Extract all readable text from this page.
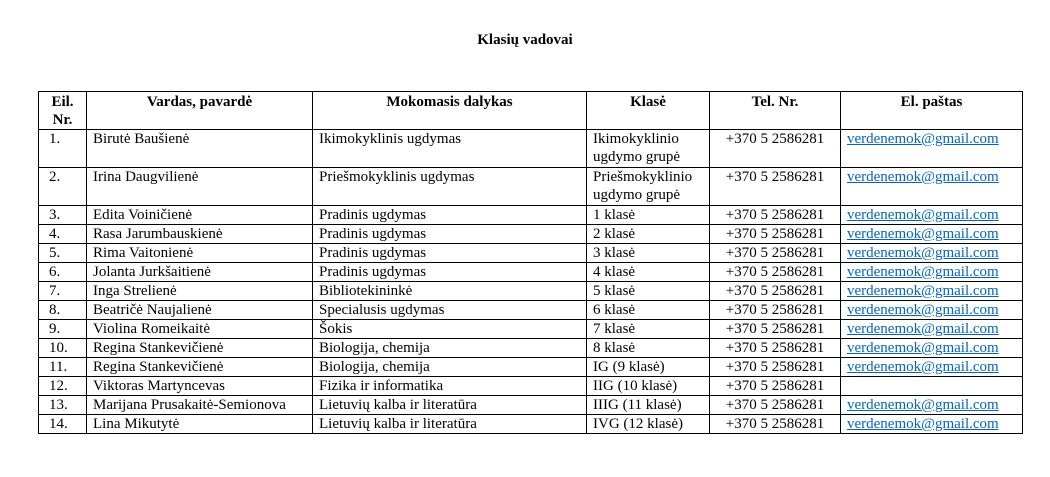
Klasių vadovai
Eil. Nr.	Vardas, pavardė	Mokomasis dalykas	Klasė	Tel. Nr.	El. paštas
1.	Birutė Baušienė	Ikimokyklinis ugdymas	Ikimokyklinio ugdymo grupė	+370 5 2586281	verdenemok@gmail.com
2.	Irina Daugvilienė	Priešmokyklinis ugdymas	Priešmokyklinio ugdymo grupė	+370 5 2586281	verdenemok@gmail.com
3.	Edita Voiničienė	Pradinis ugdymas	1 klasė	+370 5 2586281	verdenemok@gmail.com
4.	Rasa Jarumbauskienė	Pradinis ugdymas	2 klasė	+370 5 2586281	verdenemok@gmail.com
5.	Rima Vaitonienė	Pradinis ugdymas	3 klasė	+370 5 2586281	verdenemok@gmail.com
6.	Jolanta Jurkšaitienė	Pradinis ugdymas	4 klasė	+370 5 2586281	verdenemok@gmail.com
7.	Inga Strelienė	Bibliotekininkė	5 klasė	+370 5 2586281	verdenemok@gmail.com
8.	Beatričė Naujalienė	Specialusis ugdymas	6 klasė	+370 5 2586281	verdenemok@gmail.com
9.	Violina Romeikaitė	Šokis	7 klasė	+370 5 2586281	verdenemok@gmail.com
10.	Regina Stankevičienė	Biologija, chemija	8 klasė	+370 5 2586281	verdenemok@gmail.com
11.	Regina Stankevičienė	Biologija, chemija	IG (9 klasė)	+370 5 2586281	verdenemok@gmail.com
12.	Viktoras Martyncevas	Fizika ir informatika	IIG (10 klasė)	+370 5 2586281	
13.	Marijana Prusakaitė-Semionova	Lietuvių kalba ir literatūra	IIIG (11 klasė)	+370 5 2586281	verdenemok@gmail.com
14.	Lina Mikutytė	Lietuvių kalba ir literatūra	IVG (12 klasė)	+370 5 2586281	verdenemok@gmail.com
